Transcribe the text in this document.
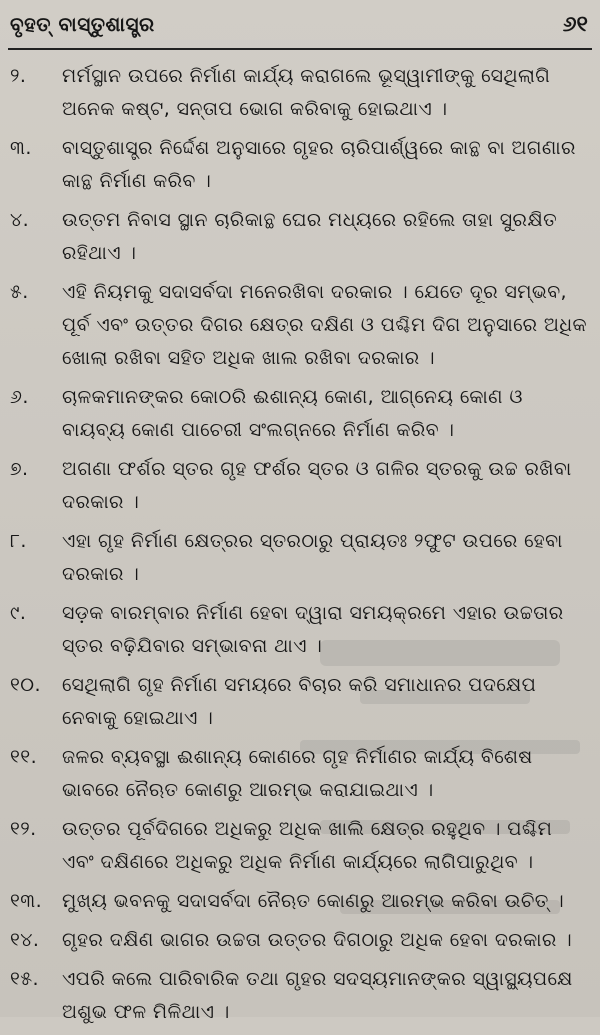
ବୃହତ୍ ବାସ୍ତୁଶାସ୍ତ୍ର	୬୧
୨.	ମର୍ମସ୍ଥାନ ଉପରେ ନିର୍ମାଣ କାର୍ଯ୍ୟ କରାଗଲେ ଭୂସ୍ୱାମୀଙ୍କୁ ସେଥିଲାଗି ଅନେକ କଷ୍ଟ, ସନ୍ତାପ ଭୋଗ କରିବାକୁ ହୋଇଥାଏ ।
୩.	ବାସ୍ତୁଶାସ୍ତ୍ର ନିର୍ଦ୍ଦେଶ ଅନୁସାରେ ଗୃହର ଚାରିପାର୍ଶ୍ୱରେ କାନ୍ଥ ବା ଅଗଣାର କାନ୍ଥ ନିର୍ମାଣ କରିବ ।
୪.	ଉତ୍ତମ ନିବାସ ସ୍ଥାନ ଚାରିକାନ୍ଥ ଘେର ମଧ୍ୟରେ ରହିଲେ ତାହା ସୁରକ୍ଷିତ ରହିଥାଏ ।
୫.	ଏହି ନିୟମକୁ ସଦାସର୍ବଦା ମନେରଖିବା ଦରକାର । ଯେତେ ଦୂର ସମ୍ଭବ, ପୂର୍ବ ଏବଂ ଉତ୍ତର ଦିଗର କ୍ଷେତ୍ର ଦକ୍ଷିଣ ଓ ପଶ୍ଚିମ ଦିଗ ଅନୁସାରେ ଅଧିକ ଖୋଲା ରଖିବା ସହିତ ଅଧିକ ଖାଲ ରଖିବା ଦରକାର ।
୬.	ଚାଳକମାନଙ୍କର କୋଠରି ଈଶାନ୍ୟ କୋଣ, ଆଗ୍ନେୟ କୋଣ ଓ ବାୟବ୍ୟ କୋଣ ପାଚେରୀ ସଂଲଗ୍ନରେ ନିର୍ମାଣ କରିବ ।
୭.	ଅଗଣା ଫର୍ଶର ସ୍ତର ଗୃହ ଫର୍ଶର ସ୍ତର ଓ ଗଳିର ସ୍ତରକୁ ଉଚ୍ଚ ରଖିବା ଦରକାର ।
୮.	ଏହା ଗୃହ ନିର୍ମାଣ କ୍ଷେତ୍ରର ସ୍ତରଠାରୁ ପ୍ରାୟତଃ ୨ଫୁଟ ଉପରେ ହେବା ଦରକାର ।
୯.	ସଡ଼କ ବାରମ୍ବାର ନିର୍ମାଣ ହେବା ଦ୍ୱାରା ସମୟକ୍ରମେ ଏହାର ଉଚ୍ଚତାର ସ୍ତର ବଢ଼ିଯିବାର ସମ୍ଭାବନା ଥାଏ ।
୧୦.	ସେଥିଲାଗି ଗୃହ ନିର୍ମାଣ ସମୟରେ ବିଚାର କରି ସମାଧାନର ପଦକ୍ଷେପ ନେବାକୁ ହୋଇଥାଏ ।
୧୧.	ଜଳର ବ୍ୟବସ୍ଥା ଈଶାନ୍ୟ କୋଣରେ ଗୃହ ନିର୍ମାଣର କାର୍ଯ୍ୟ ବିଶେଷ ଭାବରେ ନୈଋତ କୋଣରୁ ଆରମ୍ଭ କରାଯାଇଥାଏ ।
୧୨.	ଉତ୍ତର ପୂର୍ବଦିଗରେ ଅଧିକରୁ ଅଧିକ ଖାଲି କ୍ଷେତ୍ର ରହୁଥିବ । ପଶ୍ଚିମ ଏବଂ ଦକ୍ଷିଣରେ ଅଧିକରୁ ଅଧିକ ନିର୍ମାଣ କାର୍ଯ୍ୟରେ ଲାଗିପାରୁଥିବ ।
୧୩.	ମୁଖ୍ୟ ଭବନକୁ ସଦାସର୍ବଦା ନୈଋତ କୋଣରୁ ଆରମ୍ଭ କରିବା ଉଚିତ୍ ।
୧୪.	ଗୃହର ଦକ୍ଷିଣ ଭାଗର ଉଚ୍ଚତା ଉତ୍ତର ଦିଗଠାରୁ ଅଧିକ ହେବା ଦରକାର ।
୧୫.	ଏପରି କଲେ ପାରିବାରିକ ତଥା ଗୃହର ସଦସ୍ୟମାନଙ୍କର ସ୍ୱାସ୍ଥ୍ୟପକ୍ଷେ ଅଶୁଭ ଫଳ ମିଳିଥାଏ ।
